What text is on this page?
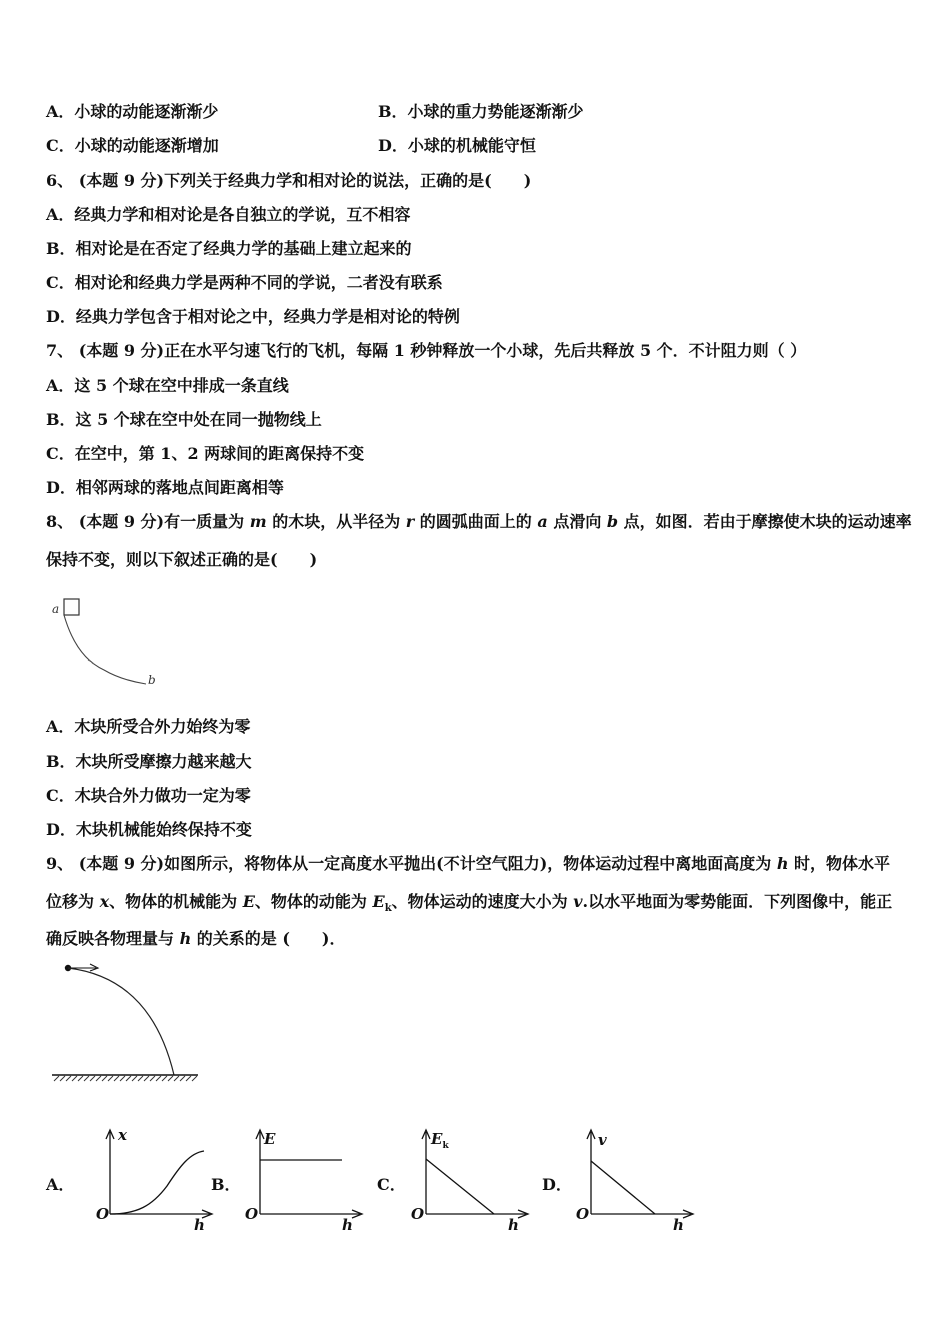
A．小球的动能逐渐渐少	B．小球的重力势能逐渐渐少
C．小球的动能逐渐增加	D．小球的机械能守恒
6、 (本题 9 分)下列关于经典力学和相对论的说法，正确的是(　　)
A．经典力学和相对论是各自独立的学说，互不相容
B．相对论是在否定了经典力学的基础上建立起来的
C．相对论和经典力学是两种不同的学说，二者没有联系
D．经典力学包含于相对论之中，经典力学是相对论的特例
7、 (本题 9 分)正在水平匀速飞行的飞机，每隔 1 秒钟释放一个小球，先后共释放 5 个．不计阻力则（ ）
A．这 5 个球在空中排成一条直线
B．这 5 个球在空中处在同一抛物线上
C．在空中，第 1、2 两球间的距离保持不变
D．相邻两球的落地点间距离相等
8、 (本题 9 分)有一质量为 m 的木块，从半径为 r 的圆弧曲面上的 a 点滑向 b 点，如图．若由于摩擦使木块的运动速率
保持不变，则以下叙述正确的是(　　)
a
b
A．木块所受合外力始终为零
B．木块所受摩擦力越来越大
C．木块合外力做功一定为零
D．木块机械能始终保持不变
9、 (本题 9 分)如图所示，将物体从一定高度水平抛出(不计空气阻力)，物体运动过程中离地面高度为 h 时，物体水平
位移为 x、物体的机械能为 E、物体的动能为 $E_k$、物体运动的速度大小为 v.以水平地面为零势能面．下列图像中，能正
确反映各物理量与 h 的关系的是 (　　)．
A．
x
h
O
B．
E
h
O
C．
$E_k$
h
O
D．
v
h
O
